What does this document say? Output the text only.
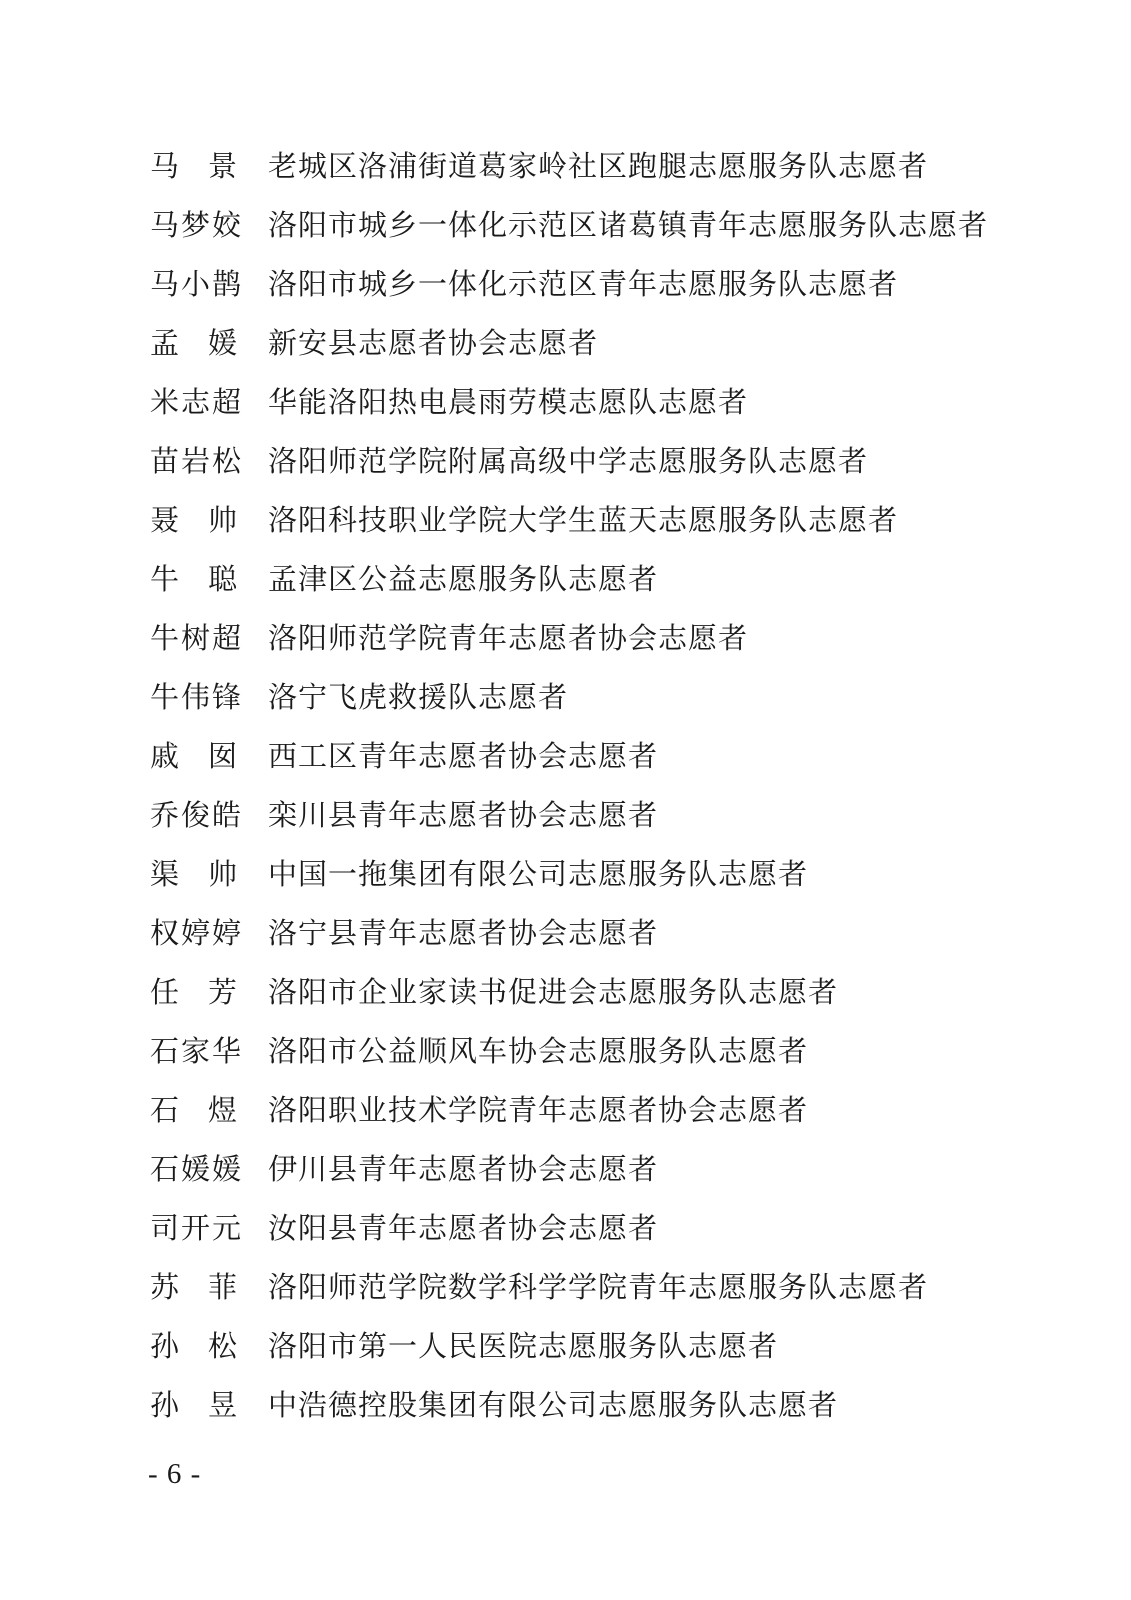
马 景	老城区洛浦街道葛家岭社区跑腿志愿服务队志愿者
马梦姣 洛阳市城乡一体化示范区诸葛镇青年志愿服务队志愿者
马小鹊 洛阳市城乡一体化示范区青年志愿服务队志愿者
孟 媛	新安县志愿者协会志愿者
米志超 华能洛阳热电晨雨劳模志愿队志愿者
苗岩松 洛阳师范学院附属高级中学志愿服务队志愿者
聂 帅	洛阳科技职业学院大学生蓝天志愿服务队志愿者
牛 聪	孟津区公益志愿服务队志愿者
牛树超 洛阳师范学院青年志愿者协会志愿者
牛伟锋 洛宁飞虎救援队志愿者
戚 囡	西工区青年志愿者协会志愿者
乔俊皓 栾川县青年志愿者协会志愿者
渠 帅	中国一拖集团有限公司志愿服务队志愿者
权婷婷 洛宁县青年志愿者协会志愿者
任 芳	洛阳市企业家读书促进会志愿服务队志愿者
石家华 洛阳市公益顺风车协会志愿服务队志愿者
石 煜	洛阳职业技术学院青年志愿者协会志愿者
石媛媛 伊川县青年志愿者协会志愿者
司开元 汝阳县青年志愿者协会志愿者
苏 菲	洛阳师范学院数学科学学院青年志愿服务队志愿者
孙 松	洛阳市第一人民医院志愿服务队志愿者
孙 昱	中浩德控股集团有限公司志愿服务队志愿者
- 6 -
